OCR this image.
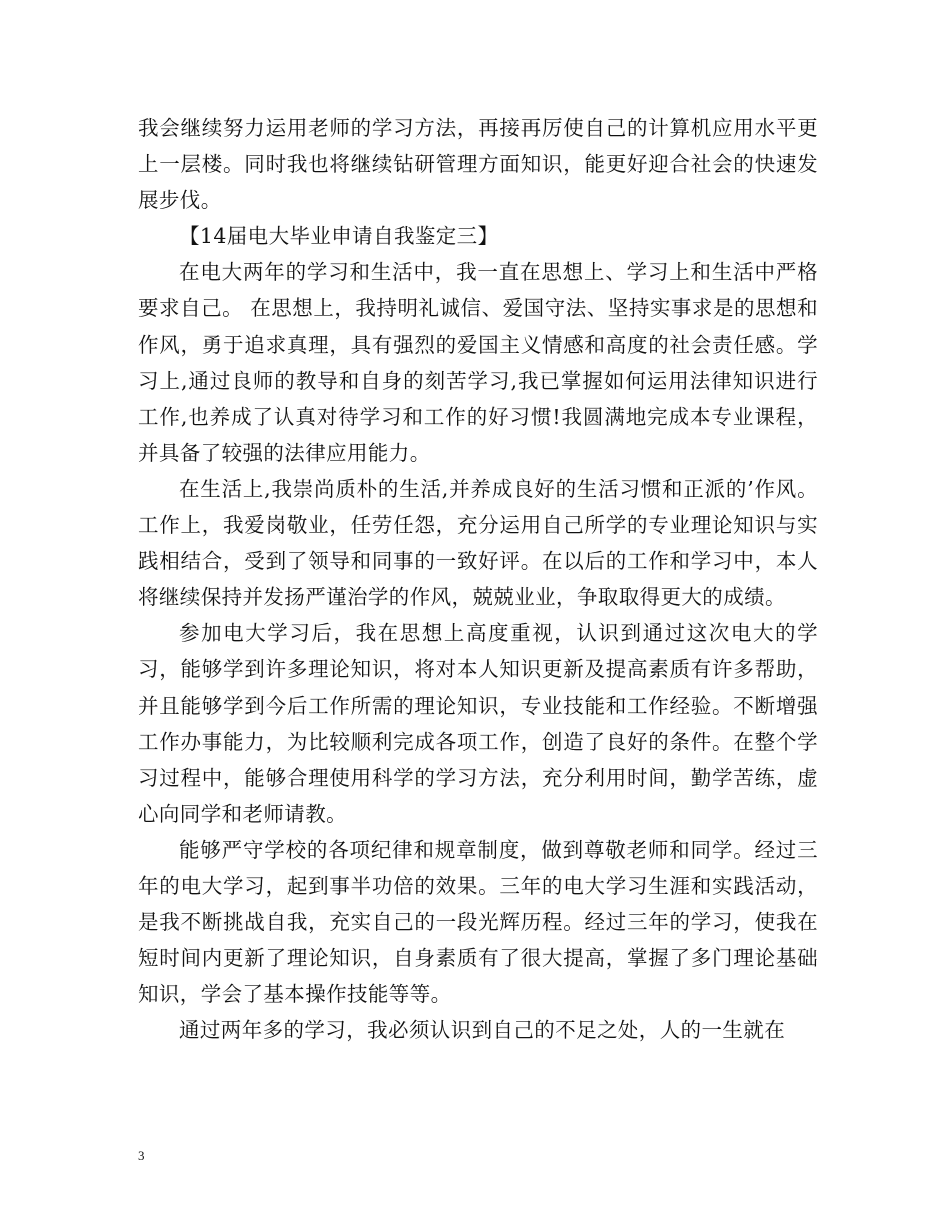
我会继续努力运用老师的学习方法，再接再厉使自己的计算机应用水平更上一层楼。同时我也将继续钻研管理方面知识，能更好迎合社会的快速发展步伐。

【14届电大毕业申请自我鉴定三】

在电大两年的学习和生活中，我一直在思想上、学习上和生活中严格要求自己。 在思想上，我持明礼诚信、爱国守法、坚持实事求是的思想和作风，勇于追求真理，具有强烈的爱国主义情感和高度的社会责任感。学习上,通过良师的教导和自身的刻苦学习,我已掌握如何运用法律知识进行工作,也养成了认真对待学习和工作的好习惯!我圆满地完成本专业课程，并具备了较强的法律应用能力。

在生活上,我崇尚质朴的生活,并养成良好的生活习惯和正派的’作风。工作上，我爱岗敬业，任劳任怨，充分运用自己所学的专业理论知识与实践相结合，受到了领导和同事的一致好评。在以后的工作和学习中，本人将继续保持并发扬严谨治学的作风，兢兢业业，争取取得更大的成绩。

参加电大学习后，我在思想上高度重视，认识到通过这次电大的学习，能够学到许多理论知识，将对本人知识更新及提高素质有许多帮助，并且能够学到今后工作所需的理论知识，专业技能和工作经验。不断增强工作办事能力，为比较顺利完成各项工作，创造了良好的条件。在整个学习过程中，能够合理使用科学的学习方法，充分利用时间，勤学苦练，虚心向同学和老师请教。

能够严守学校的各项纪律和规章制度，做到尊敬老师和同学。经过三年的电大学习，起到事半功倍的效果。三年的电大学习生涯和实践活动，是我不断挑战自我，充实自己的一段光辉历程。经过三年的学习，使我在短时间内更新了理论知识，自身素质有了很大提高，掌握了多门理论基础知识，学会了基本操作技能等等。

通过两年多的学习，我必须认识到自己的不足之处，人的一生就在

3
